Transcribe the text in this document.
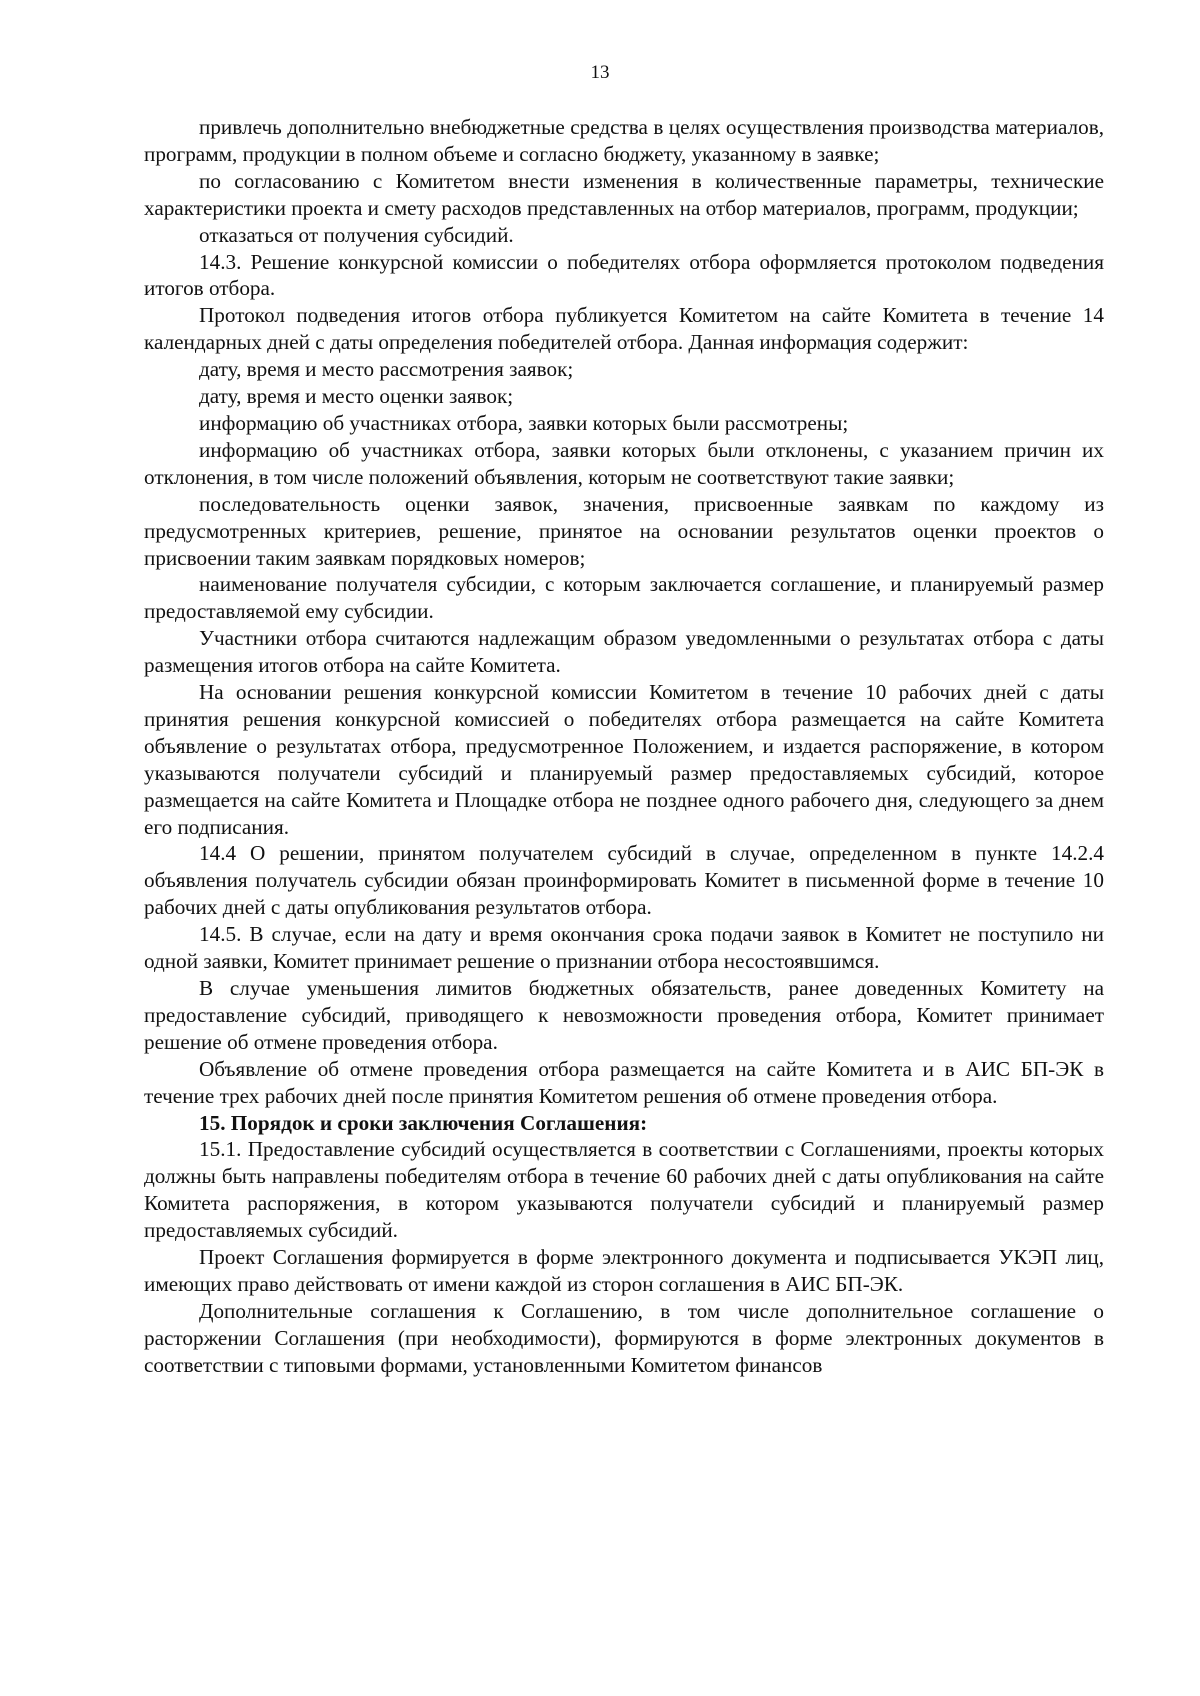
13

привлечь дополнительно внебюджетные средства в целях осуществления производства материалов, программ, продукции в полном объеме и согласно бюджету, указанному в заявке;

по согласованию с Комитетом внести изменения в количественные параметры, технические характеристики проекта и смету расходов представленных на отбор материалов, программ, продукции;

отказаться от получения субсидий.

14.3. Решение конкурсной комиссии о победителях отбора оформляется протоколом подведения итогов отбора.

Протокол подведения итогов отбора публикуется Комитетом на сайте Комитета в течение 14 календарных дней с даты определения победителей отбора. Данная информация содержит:

дату, время и место рассмотрения заявок;

дату, время и место оценки заявок;

информацию об участниках отбора, заявки которых были рассмотрены;

информацию об участниках отбора, заявки которых были отклонены, с указанием причин их отклонения, в том числе положений объявления, которым не соответствуют такие заявки;

последовательность оценки заявок, значения, присвоенные заявкам по каждому из предусмотренных критериев, решение, принятое на основании результатов оценки проектов о присвоении таким заявкам порядковых номеров;

наименование получателя субсидии, с которым заключается соглашение, и планируемый размер предоставляемой ему субсидии.

Участники отбора считаются надлежащим образом уведомленными о результатах отбора с даты размещения итогов отбора на сайте Комитета.

На основании решения конкурсной комиссии Комитетом в течение 10 рабочих дней с даты принятия решения конкурсной комиссией о победителях отбора размещается на сайте Комитета объявление о результатах отбора, предусмотренное Положением, и издается распоряжение, в котором указываются получатели субсидий и планируемый размер предоставляемых субсидий, которое размещается на сайте Комитета и Площадке отбора не позднее одного рабочего дня, следующего за днем его подписания.

14.4 О решении, принятом получателем субсидий в случае, определенном в пункте 14.2.4 объявления получатель субсидии обязан проинформировать Комитет в письменной форме в течение 10 рабочих дней с даты опубликования результатов отбора.

14.5. В случае, если на дату и время окончания срока подачи заявок в Комитет не поступило ни одной заявки, Комитет принимает решение о признании отбора несостоявшимся.

В случае уменьшения лимитов бюджетных обязательств, ранее доведенных Комитету на предоставление субсидий, приводящего к невозможности проведения отбора, Комитет принимает решение об отмене проведения отбора.

Объявление об отмене проведения отбора размещается на сайте Комитета и в АИС БП-ЭК в течение трех рабочих дней после принятия Комитетом решения об отмене проведения отбора.

15. Порядок и сроки заключения Соглашения:

15.1. Предоставление субсидий осуществляется в соответствии с Соглашениями, проекты которых должны быть направлены победителям отбора в течение 60 рабочих дней с даты опубликования на сайте Комитета распоряжения, в котором указываются получатели субсидий и планируемый размер предоставляемых субсидий.

Проект Соглашения формируется в форме электронного документа и подписывается УКЭП лиц, имеющих право действовать от имени каждой из сторон соглашения в АИС БП-ЭК.

Дополнительные соглашения к Соглашению, в том числе дополнительное соглашение о расторжении Соглашения (при необходимости), формируются в форме электронных документов в соответствии с типовыми формами, установленными Комитетом финансов
